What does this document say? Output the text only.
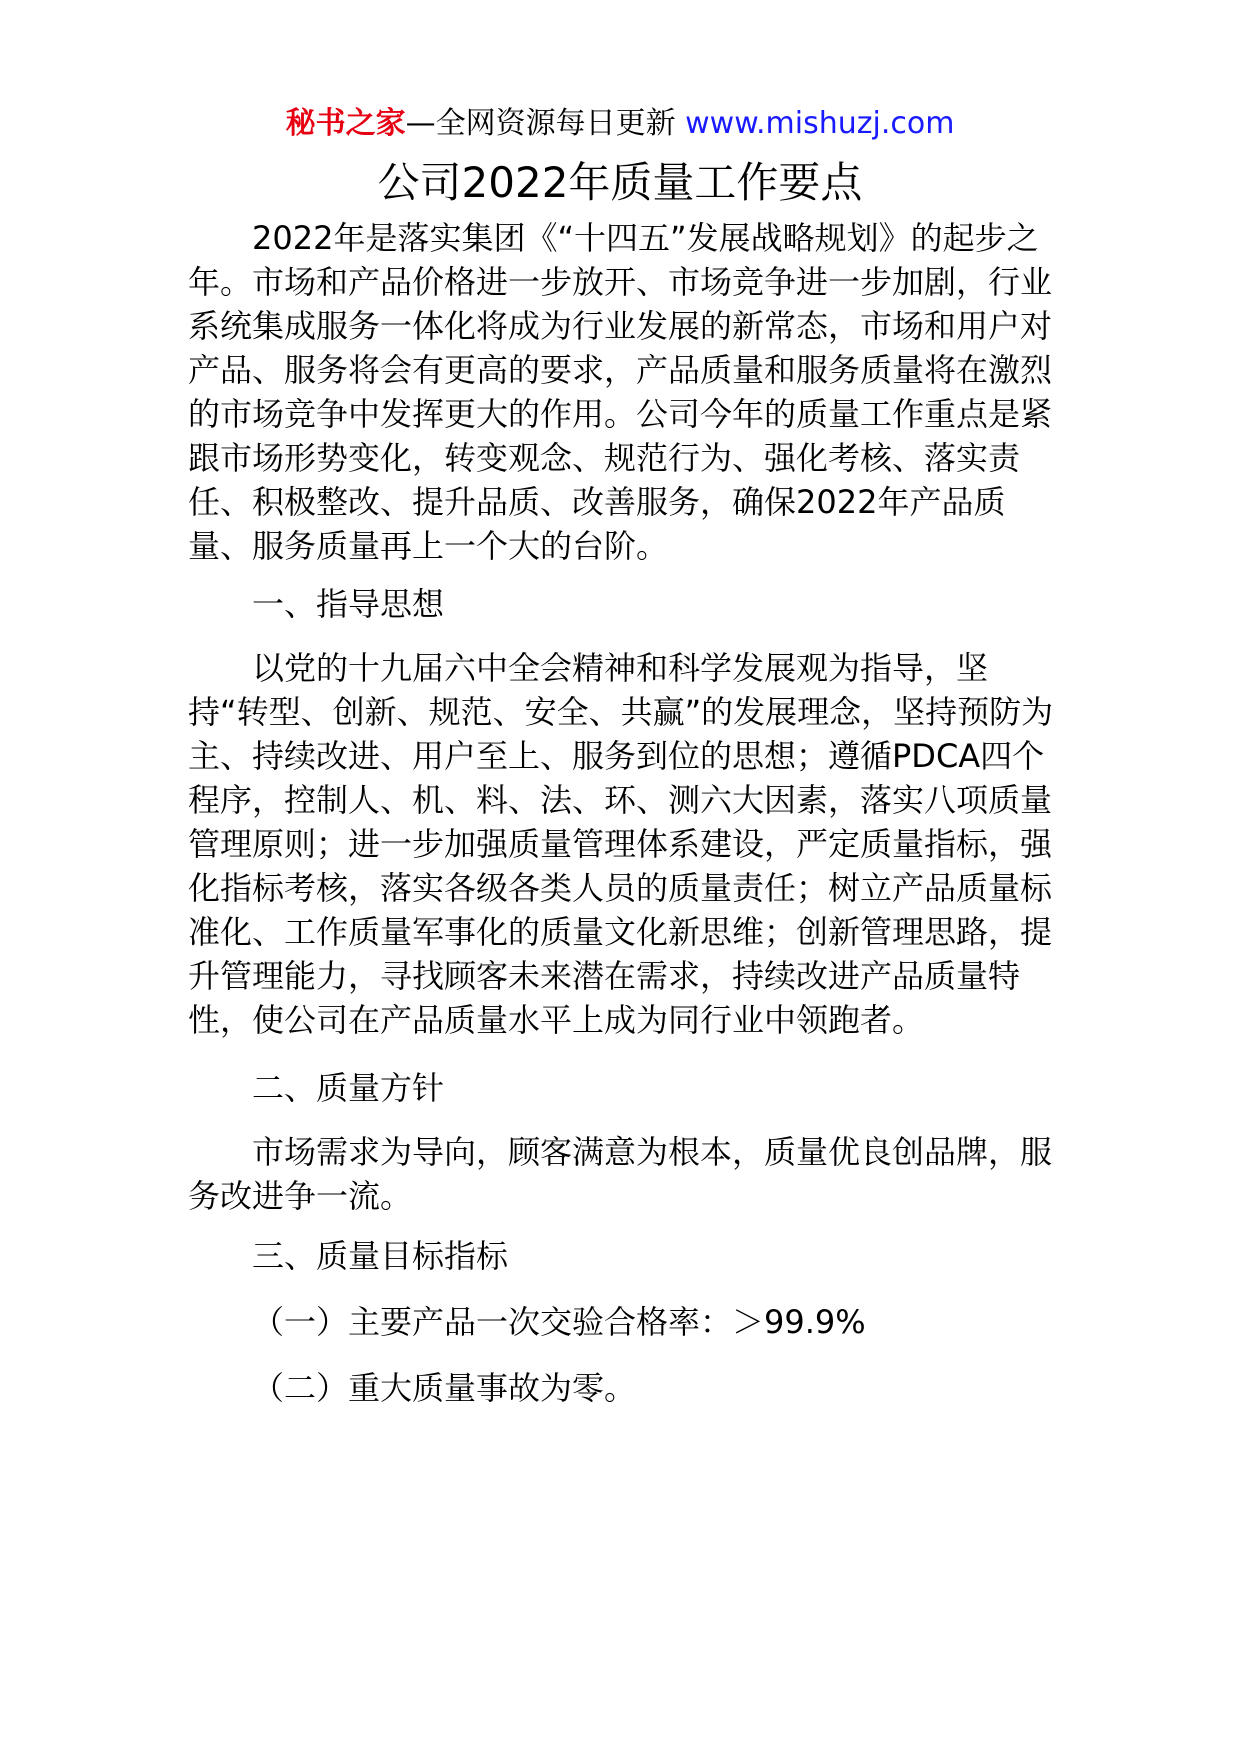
秘书之家—全网资源每日更新 www.mishuzj.com
公司2022年质量工作要点

2022年是落实集团《“十四五”发展战略规划》的起步之年。市场和产品价格进一步放开、市场竞争进一步加剧，行业系统集成服务一体化将成为行业发展的新常态，市场和用户对产品、服务将会有更高的要求，产品质量和服务质量将在激烈的市场竞争中发挥更大的作用。公司今年的质量工作重点是紧跟市场形势变化，转变观念、规范行为、强化考核、落实责任、积极整改、提升品质、改善服务，确保2022年产品质量、服务质量再上一个大的台阶。

一、指导思想

以党的十九届六中全会精神和科学发展观为指导，坚持“转型、创新、规范、安全、共赢”的发展理念，坚持预防为主、持续改进、用户至上、服务到位的思想；遵循PDCA四个程序，控制人、机、料、法、环、测六大因素，落实八项质量管理原则；进一步加强质量管理体系建设，严定质量指标，强化指标考核，落实各级各类人员的质量责任；树立产品质量标准化、工作质量军事化的质量文化新思维；创新管理思路，提升管理能力，寻找顾客未来潜在需求，持续改进产品质量特性，使公司在产品质量水平上成为同行业中领跑者。

二、质量方针

市场需求为导向，顾客满意为根本，质量优良创品牌，服务改进争一流。

三、质量目标指标

（一）主要产品一次交验合格率：＞99.9%

（二）重大质量事故为零。
